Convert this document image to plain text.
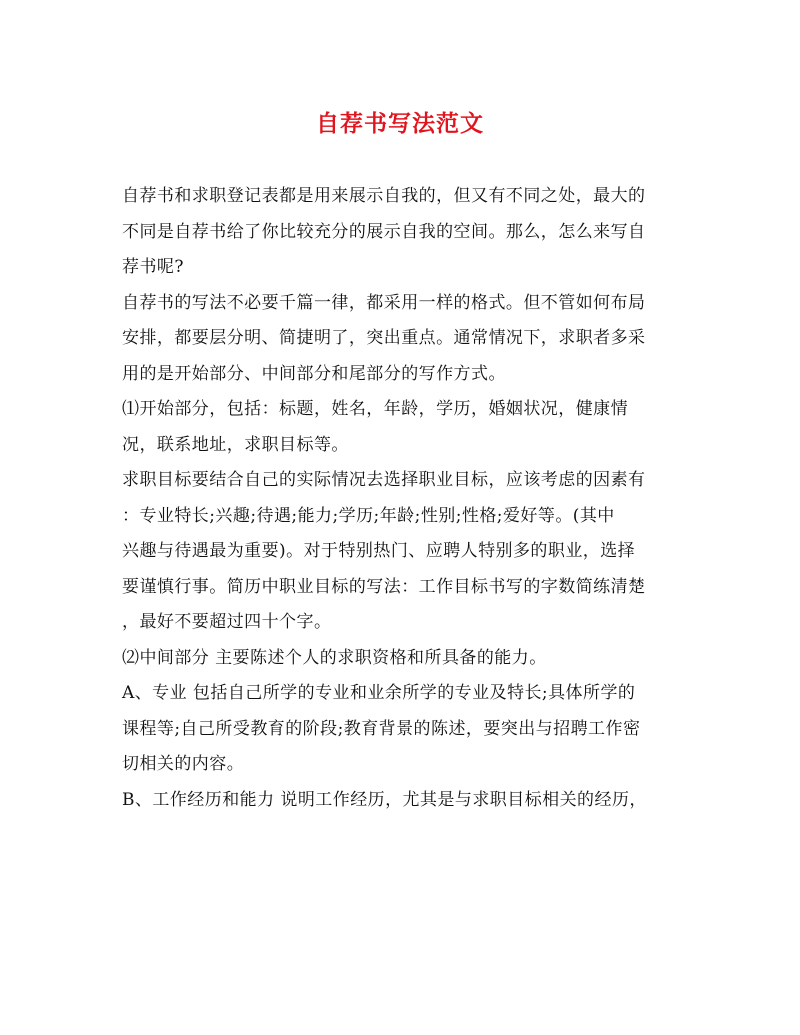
自荐书写法范文
自荐书和求职登记表都是用来展示自我的，但又有不同之处，最大的
不同是自荐书给了你比较充分的展示自我的空间。那么，怎么来写自
荐书呢?
自荐书的写法不必要千篇一律，都采用一样的格式。但不管如何布局
安排，都要层分明、简捷明了，突出重点。通常情况下，求职者多采
用的是开始部分、中间部分和尾部分的写作方式。
⑴开始部分，包括：标题，姓名，年龄，学历，婚姻状况，健康情
况，联系地址，求职目标等。
求职目标要结合自己的实际情况去选择职业目标，应该考虑的因素有
：专业特长;兴趣;待遇;能力;学历;年龄;性别;性格;爱好等。(其中
兴趣与待遇最为重要)。对于特别热门、应聘人特别多的职业，选择
要谨慎行事。简历中职业目标的写法：工作目标书写的字数简练清楚
，最好不要超过四十个字。
⑵中间部分 主要陈述个人的求职资格和所具备的能力。
A、专业 包括自己所学的专业和业余所学的专业及特长;具体所学的
课程等;自己所受教育的阶段;教育背景的陈述，要突出与招聘工作密
切相关的内容。
B、工作经历和能力 说明工作经历，尤其是与求职目标相关的经历，
